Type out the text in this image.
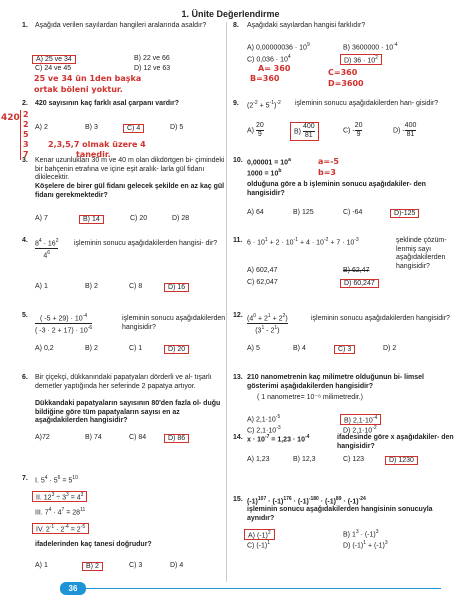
1. Ünite Değerlendirme
1. Aşağıda verilen sayılardan hangileri aralarında asaldır?
A) 25 ve 34	B) 22 ve 66
C) 24 ve 45	D) 12 ve 63
2. 420 sayısının kaç farklı asal çarpanı vardır?
A) 2	B) 3	C) 4	D) 5
3. Kenar uzunlukları 30 m ve 40 m olan dikdörtgen bi- çimindeki bir bahçenin etrafına ve içine eşit aralık- larla gül fidanı dikilecektir.
Köşelere de birer gül fidanı gelecek şekilde en az kaç gül fidanı gerekmektedir?
A) 7	B) 14	C) 20	D) 28
4. $\frac{8^4 \cdot 16^2}{4^6}$ işleminin sonucu aşağıdakilerden hangisi- dir?
A) 1	B) 2	C) 8	D) 16
5. $\frac{( -5 + 29) \cdot 10^{-4}}{( -3 \cdot 2 + 17) \cdot 10^{-6}}$	işleminin sonucu aşağıdakilerden hangisidir?
A) 0,2	B) 2	C) 1	D) 20
6. Bir çiçekçi, dükkanındaki papatyaları dörderli ve al- tışarlı demetler yaptığında her seferinde 2 papatya artıyor.
Dükkandaki papatyaların sayısının 80'den fazla ol- duğu bildiğine göre tüm papatyaların sayısı en az aşağıdakilerden hangisidir?
A)72	B) 74	C) 84	D) 86
7. I. $5^4 \cdot 5^6 = 5^{10}$
II. $12^3 \div 3^3 = 4^3$
III. $7^4 \cdot 4^7 = 28^{11}$
IV. $2^{-1} \cdot 2^{-4} = 2^{-5}$
ifadelerinden kaç tanesi doğrudur?
A) 1	B) 2	C) 3	D) 4
8. Aşağıdaki sayılardan hangisi farklıdır?
A) $0,00000036 \cdot 10^9$	B) $3600000 \cdot 10^{-4}$
C) $0,036 \cdot 10^4$
D) $36 \cdot 10^2$
9. $(2^{-2} + 5^{-1})^{-2}$ işleminin sonucu aşağıdakilerden han- gisidir?
$A) \frac{20}{9}$	$B) \frac{400}{81}$	$C) - \frac{20}{9}$	$D) - \frac{400}{81}$
10. $0,00001 = 10^a$
$1000 = 10^b$
olduğuna göre a b işleminin sonucu aşağıdakiler- den hangisidir?
A) 64	B) 125	C) -64	D)-125
11. $6 \cdot 10^1 + 2 \cdot 10^{-1} + 4 \cdot 10^{-2} + 7 \cdot 10^{-3}$	şeklinde çözüm- lenmiş sayı aşağıdakilerden hangisidir?
A) 602,47	B) 62,47
C) 62,047	D) 60,247
12. $\frac{(4^0 + 2^1 + 2^2)}{(3^1 - 2^1)}$	işleminin sonucu aşağıdakilerden hangisidir?
A) 5	B) 4	C) 3	D) 2
13. 210 nanometrenin kaç milimetre olduğunun bi- limsel gösterimi aşağıdakilerden hangisidir?
( 1 nanometre= 10⁻⁶ milimetredir.)
A) $2,1\cdot 10^{-5}$
B) $2,1\cdot 10^{-4}$
C) $2,1\cdot 10^{-3}$	D) $2,1\cdot 10^{-2}$
14. $x \cdot 10^{-7} = 1,23 \cdot 10^{-4}$	ifadesinde göre x aşağıdakiler- den hangisidir?
A) 1,23	B) 12,3	C) 123	D) 1230
15. $(-1)^{107} \cdot (-1)^{176} \cdot (-1)^{-180} \cdot (-1)^{89} \cdot (-1)^{-24}$
işleminin sonucu aşağıdakilerden hangisinin sonucuyla aynıdır?
A) $(-1)^2$	B) $1^3 \cdot (-1)^3$
C) $(-1)^1$	D) $(-1)^1 + (-1)^3$
25 ve 34 ün 1den başka
ortak böleni yoktur.
420 2
2
5
3
7
2,3,5,7 olmak üzere 4
tanedir.
A= 360
B=360
C=360
D=3600
a=-5
b=3
36
